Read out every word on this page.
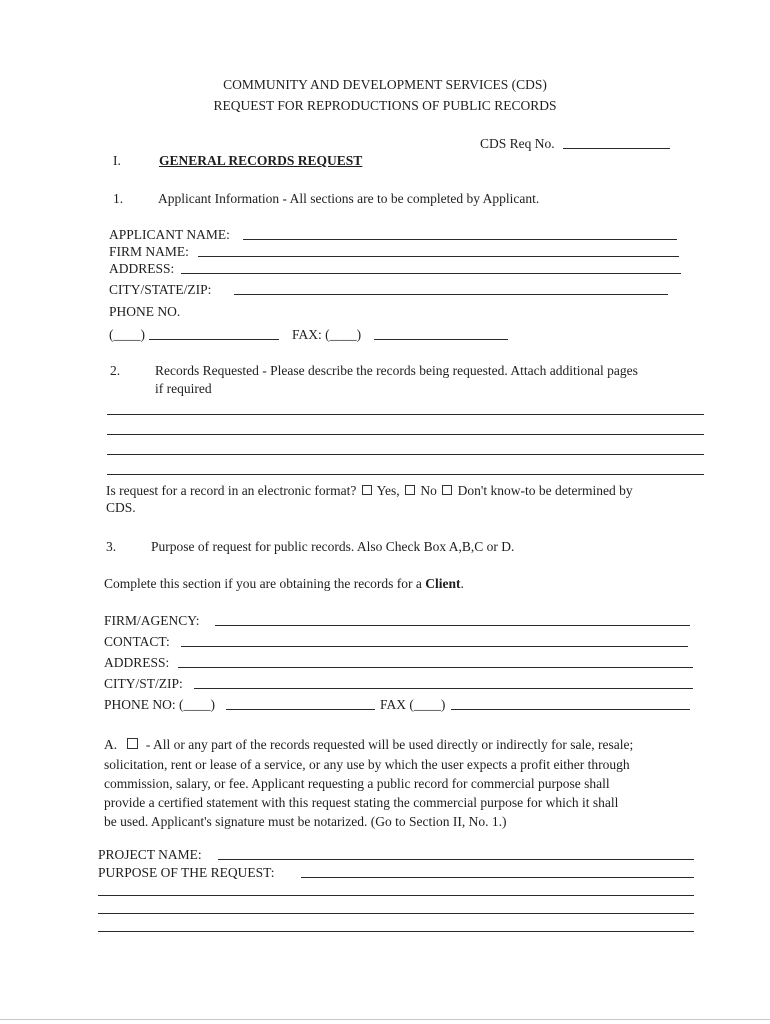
COMMUNITY AND DEVELOPMENT SERVICES (CDS)
REQUEST FOR REPRODUCTIONS OF PUBLIC RECORDS
CDS Req No.
I.	GENERAL RECORDS REQUEST
1.	Applicant Information - All sections are to be completed by Applicant.
APPLICANT NAME:
FIRM NAME:
ADDRESS:
CITY/STATE/ZIP:
PHONE NO.
(____)	FAX: (____)
2.	Records Requested - Please describe the records being requested. Attach additional pages
if required
Is request for a record in an electronic format? Yes, No Don't know-to be determined by
CDS.
3.	Purpose of request for public records. Also Check Box A,B,C or D.
Complete this section if you are obtaining the records for a Client.
FIRM/AGENCY:
CONTACT:
ADDRESS:
CITY/ST/ZIP:
PHONE NO: (____)	FAX (____)
A. - All or any part of the records requested will be used directly or indirectly for sale, resale;
solicitation, rent or lease of a service, or any use by which the user expects a profit either through
commission, salary, or fee. Applicant requesting a public record for commercial purpose shall
provide a certified statement with this request stating the commercial purpose for which it shall
be used. Applicant's signature must be notarized. (Go to Section II, No. 1.)
PROJECT NAME:
PURPOSE OF THE REQUEST:
